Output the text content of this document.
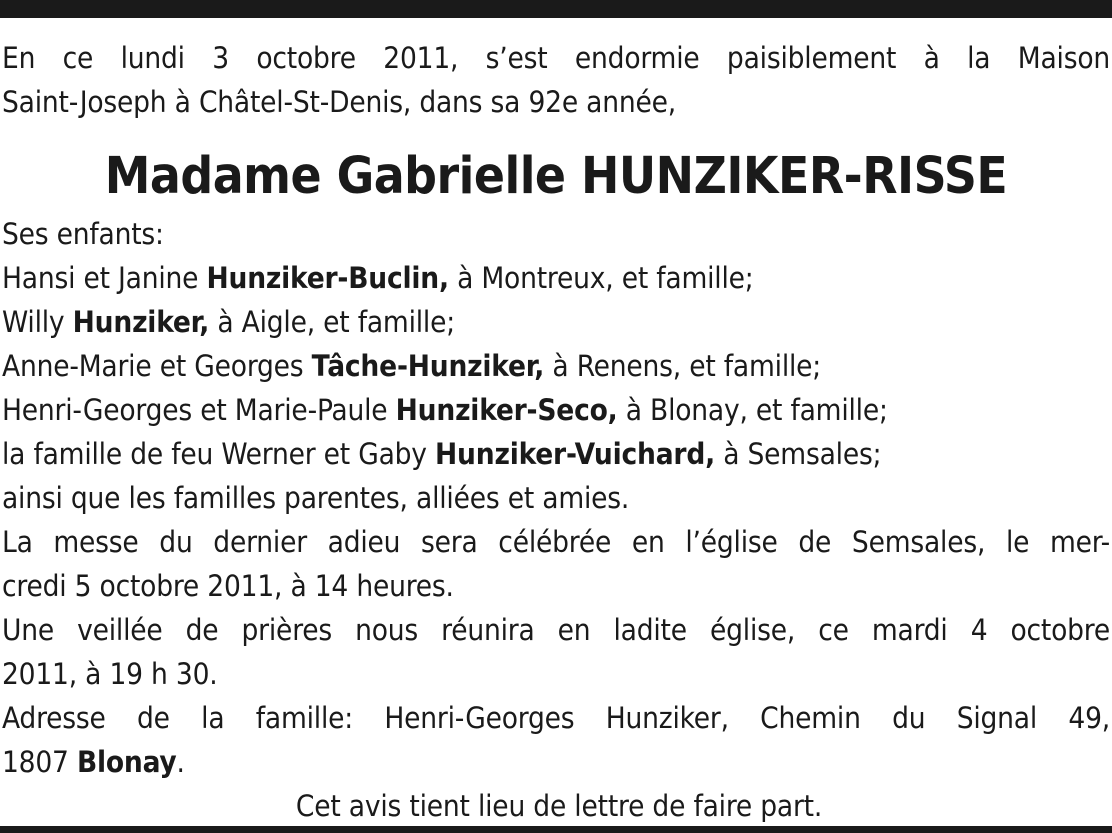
En ce lundi 3 octobre 2011, s’est endormie paisiblement à la Maison
Saint-Joseph à Châtel-St-Denis, dans sa 92e année,
Madame Gabrielle HUNZIKER-RISSE
Ses enfants:
Hansi et Janine Hunziker-Buclin, à Montreux, et famille;
Willy Hunziker, à Aigle, et famille;
Anne-Marie et Georges Tâche-Hunziker, à Renens, et famille;
Henri-Georges et Marie-Paule Hunziker-Seco, à Blonay, et famille;
la famille de feu Werner et Gaby Hunziker-Vuichard, à Semsales;
ainsi que les familles parentes, alliées et amies.
La messe du dernier adieu sera célébrée en l’église de Semsales, le mer-
credi 5 octobre 2011, à 14 heures.
Une veillée de prières nous réunira en ladite église, ce mardi 4 octobre
2011, à 19 h 30.
Adresse de la famille: Henri-Georges Hunziker, Chemin du Signal 49,
1807 Blonay.
Cet avis tient lieu de lettre de faire part.
